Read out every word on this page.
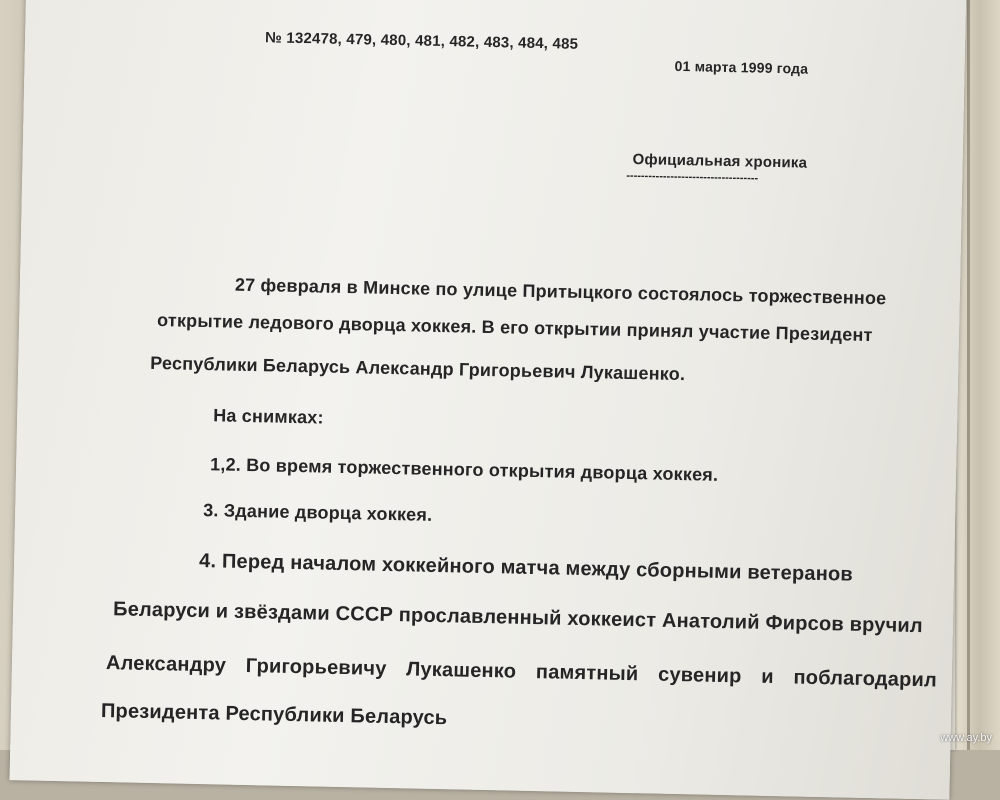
№ 132478, 479, 480, 481, 482, 483, 484, 485
01 марта 1999 года
Официальная хроника
------------------------------------
27 февраля в Минске по улице Притыцкого состоялось торжественное
открытие ледового дворца хоккея. В его открытии принял участие Президент
Республики Беларусь Александр Григорьевич Лукашенко.
На снимках:
1,2. Во время торжественного открытия дворца хоккея.
3. Здание дворца хоккея.
4. Перед началом хоккейного матча между сборными ветеранов
Беларуси и звёздами СССР прославленный хоккеист Анатолий Фирсов вручил
Александру Григорьевичу Лукашенко памятный сувенир и поблагодарил
Президента Республики Беларусь
www.ay.by
